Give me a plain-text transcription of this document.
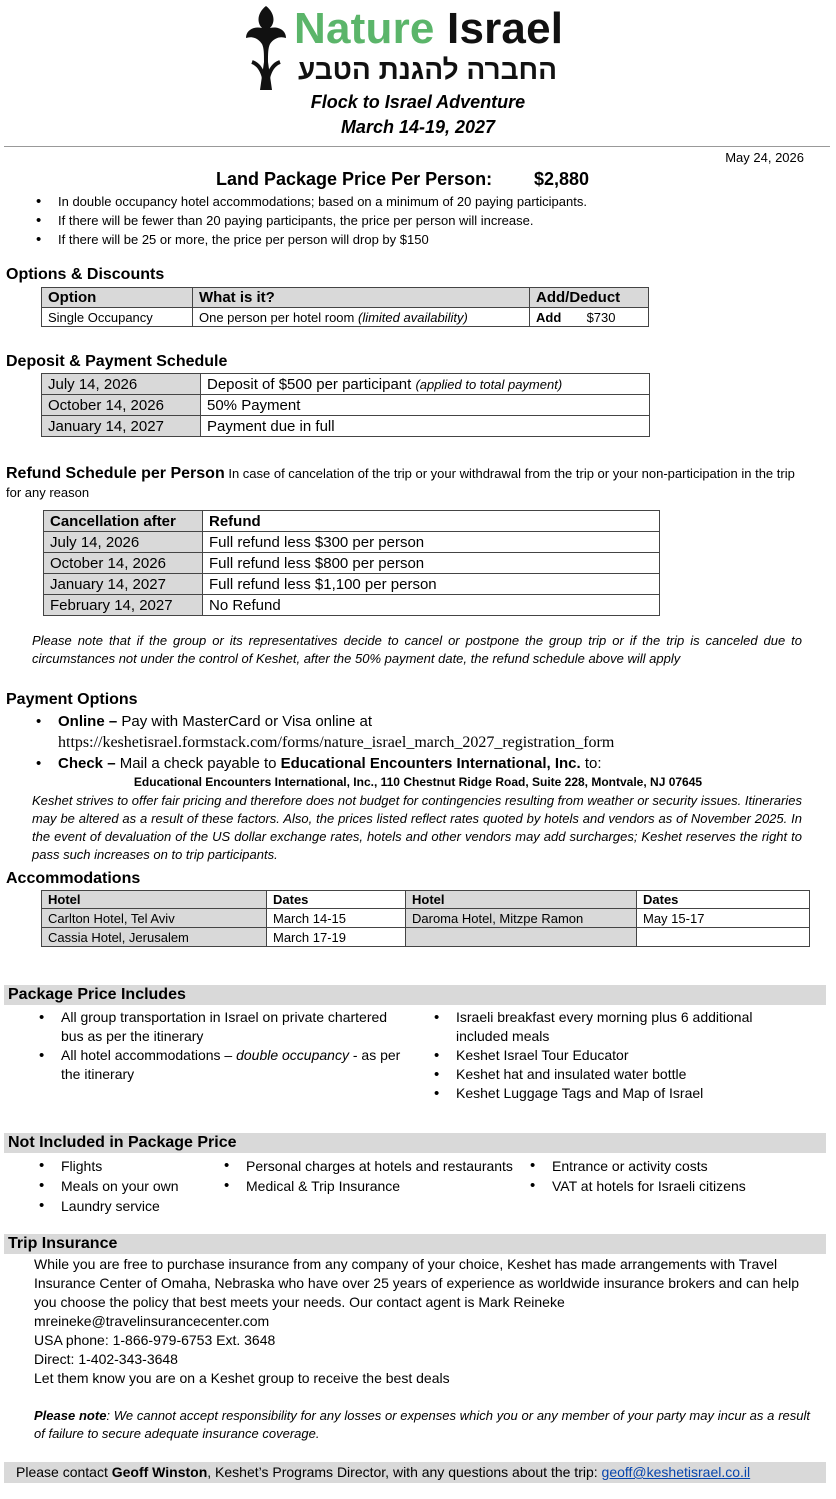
Nature Israel
החברה להגנת הטבע
Flock to Israel Adventure
March 14-19, 2027
May 24, 2026
Land Package Price Per Person: $2,880
• In double occupancy hotel accommodations; based on a minimum of 20 paying participants.
• If there will be fewer than 20 paying participants, the price per person will increase.
• If there will be 25 or more, the price per person will drop by $150
Options & Discounts
Option	What is it?	Add/Deduct
Single Occupancy	One person per hotel room (limited availability)	Add $730
Deposit & Payment Schedule
July 14, 2026	Deposit of $500 per participant (applied to total payment)
October 14, 2026	50% Payment
January 14, 2027	Payment due in full
Refund Schedule per Person In case of cancelation of the trip or your withdrawal from the trip or your non-participation in the trip for any reason
Cancellation after	Refund
July 14, 2026	Full refund less $300 per person
October 14, 2026	Full refund less $800 per person
January 14, 2027	Full refund less $1,100 per person
February 14, 2027	No Refund
Please note that if the group or its representatives decide to cancel or postpone the group trip or if the trip is canceled due to circumstances not under the control of Keshet, after the 50% payment date, the refund schedule above will apply
Payment Options
• Online – Pay with MasterCard or Visa online at
https://keshetisrael.formstack.com/forms/nature_israel_march_2027_registration_form
• Check – Mail a check payable to Educational Encounters International, Inc. to:
Educational Encounters International, Inc., 110 Chestnut Ridge Road, Suite 228, Montvale, NJ 07645
Keshet strives to offer fair pricing and therefore does not budget for contingencies resulting from weather or security issues. Itineraries may be altered as a result of these factors. Also, the prices listed reflect rates quoted by hotels and vendors as of November 2025. In the event of devaluation of the US dollar exchange rates, hotels and other vendors may add surcharges; Keshet reserves the right to pass such increases on to trip participants.
Accommodations
Hotel	Dates	Hotel	Dates
Carlton Hotel, Tel Aviv	March 14-15	Daroma Hotel, Mitzpe Ramon	May 15-17
Cassia Hotel, Jerusalem	March 17-19		
Package Price Includes
• All group transportation in Israel on private chartered bus as per the itinerary
• All hotel accommodations – double occupancy - as per the itinerary
• Israeli breakfast every morning plus 6 additional included meals
• Keshet Israel Tour Educator
• Keshet hat and insulated water bottle
• Keshet Luggage Tags and Map of Israel
Not Included in Package Price
• Flights
• Meals on your own
• Laundry service
• Personal charges at hotels and restaurants
• Medical & Trip Insurance
• Entrance or activity costs
• VAT at hotels for Israeli citizens
Trip Insurance
While you are free to purchase insurance from any company of your choice, Keshet has made arrangements with Travel
Insurance Center of Omaha, Nebraska who have over 25 years of experience as worldwide insurance brokers and can help
you choose the policy that best meets your needs. Our contact agent is Mark Reineke
mreineke@travelinsurancecenter.com
USA phone: 1-866-979-6753 Ext. 3648
Direct: 1-402-343-3648
Let them know you are on a Keshet group to receive the best deals
Please note: We cannot accept responsibility for any losses or expenses which you or any member of your party may incur as a result of failure to secure adequate insurance coverage.
Please contact Geoff Winston, Keshet’s Programs Director, with any questions about the trip: geoff@keshetisrael.co.il
